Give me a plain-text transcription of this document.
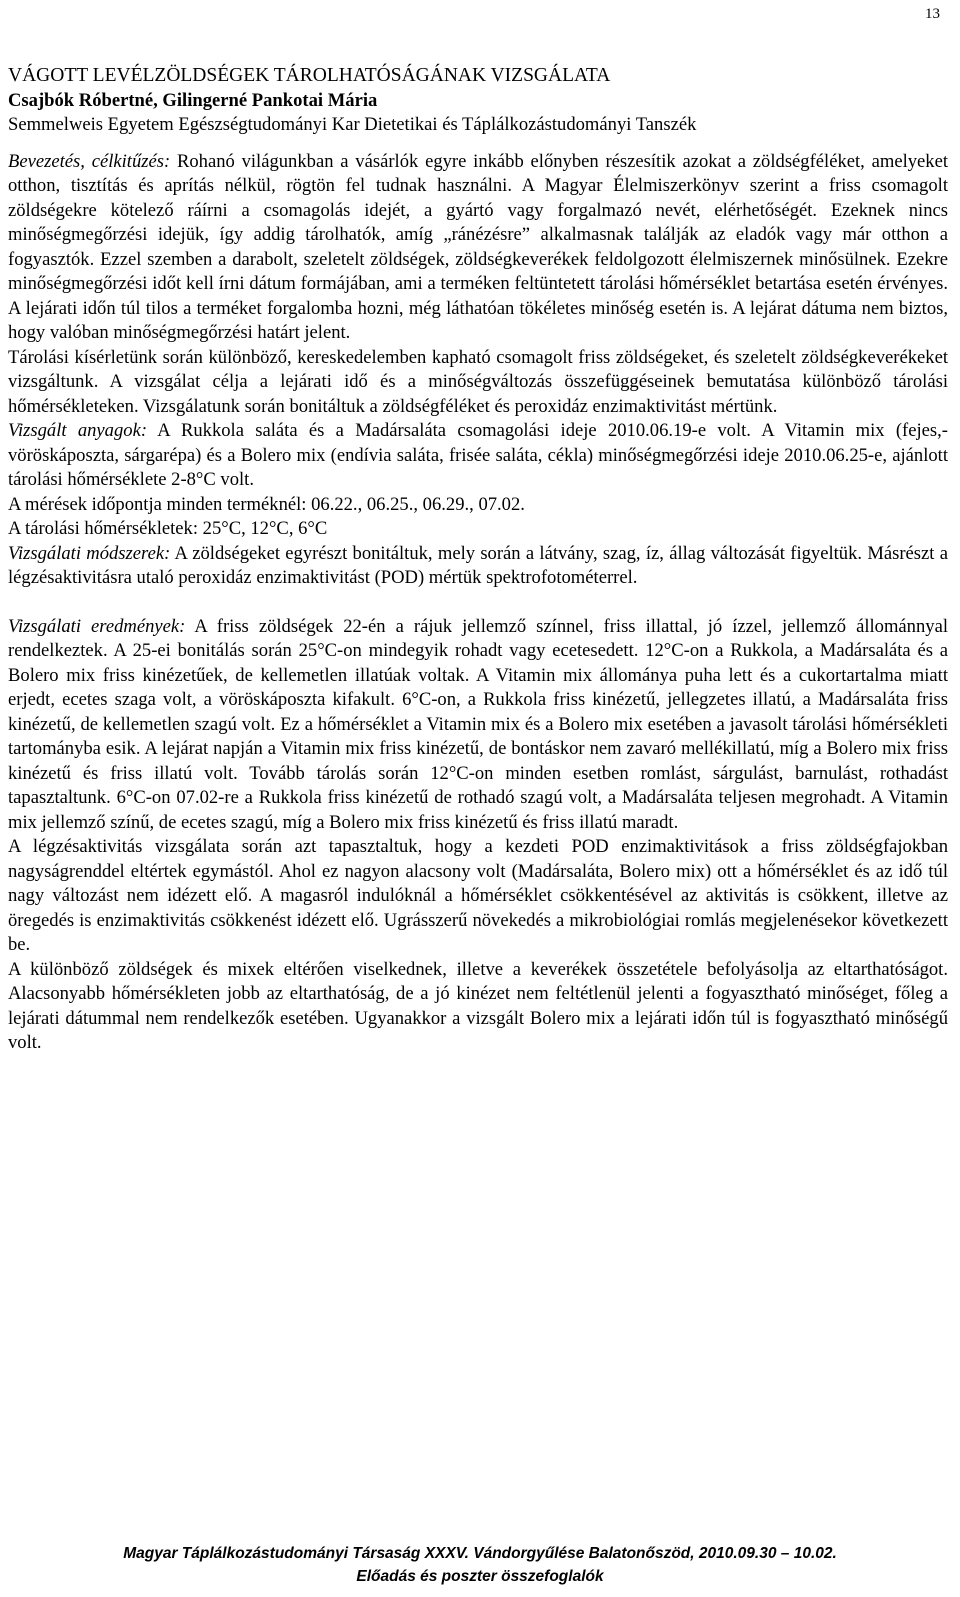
13

VÁGOTT LEVÉLZÖLDSÉGEK TÁROLHATÓSÁGÁNAK VIZSGÁLATA

Csajbók Róbertné, Gilingerné Pankotai Mária

Semmelweis Egyetem Egészségtudományi Kar Dietetikai és Táplálkozástudományi Tanszék

Bevezetés, célkitűzés: Rohanó világunkban a vásárlók egyre inkább előnyben részesítik azokat a zöldségféléket, amelyeket otthon, tisztítás és aprítás nélkül, rögtön fel tudnak használni. A Magyar Élelmiszerkönyv szerint a friss csomagolt zöldségekre kötelező ráírni a csomagolás idejét, a gyártó vagy forgalmazó nevét, elérhetőségét. Ezeknek nincs minőségmegőrzési idejük, így addig tárolhatók, amíg „ránézésre” alkalmasnak találják az eladók vagy már otthon a fogyasztók. Ezzel szemben a darabolt, szeletelt zöldségek, zöldségkeverékek feldolgozott élelmiszernek minősülnek. Ezekre minőségmegőrzési időt kell írni dátum formájában, ami a terméken feltüntetett tárolási hőmérséklet betartása esetén érvényes. A lejárati időn túl tilos a terméket forgalomba hozni, még láthatóan tökéletes minőség esetén is. A lejárat dátuma nem biztos, hogy valóban minőségmegőrzési határt jelent.

Tárolási kísérletünk során különböző, kereskedelemben kapható csomagolt friss zöldségeket, és szeletelt zöldségkeverékeket vizsgáltunk. A vizsgálat célja a lejárati idő és a minőségváltozás összefüggéseinek bemutatása különböző tárolási hőmérsékleteken. Vizsgálatunk során bonitáltuk a zöldségféléket és peroxidáz enzimaktivitást mértünk.

Vizsgált anyagok: A Rukkola saláta és a Madársaláta csomagolási ideje 2010.06.19-e volt. A Vitamin mix (fejes,- vöröskáposzta, sárgarépa) és a Bolero mix (endívia saláta, frisée saláta, cékla) minőségmegőrzési ideje 2010.06.25-e, ajánlott tárolási hőmérséklete 2-8°C volt.

A mérések időpontja minden terméknél: 06.22., 06.25., 06.29., 07.02.

A tárolási hőmérsékletek: 25°C, 12°C, 6°C

Vizsgálati módszerek: A zöldségeket egyrészt bonitáltuk, mely során a látvány, szag, íz, állag változását figyeltük. Másrészt a légzésaktivitásra utaló peroxidáz enzimaktivitást (POD) mértük spektrofotométerrel.

Vizsgálati eredmények: A friss zöldségek 22-én a rájuk jellemző színnel, friss illattal, jó ízzel, jellemző állománnyal rendelkeztek. A 25-ei bonitálás során 25°C-on mindegyik rohadt vagy ecetesedett. 12°C-on a Rukkola, a Madársaláta és a Bolero mix friss kinézetűek, de kellemetlen illatúak voltak. A Vitamin mix állománya puha lett és a cukortartalma miatt erjedt, ecetes szaga volt, a vöröskáposzta kifakult. 6°C-on, a Rukkola friss kinézetű, jellegzetes illatú, a Madársaláta friss kinézetű, de kellemetlen szagú volt. Ez a hőmérséklet a Vitamin mix és a Bolero mix esetében a javasolt tárolási hőmérsékleti tartományba esik. A lejárat napján a Vitamin mix friss kinézetű, de bontáskor nem zavaró mellékillatú, míg a Bolero mix friss kinézetű és friss illatú volt. Tovább tárolás során 12°C-on minden esetben romlást, sárgulást, barnulást, rothadást tapasztaltunk. 6°C-on 07.02-re a Rukkola friss kinézetű de rothadó szagú volt, a Madársaláta teljesen megrohadt. A Vitamin mix jellemző színű, de ecetes szagú, míg a Bolero mix friss kinézetű és friss illatú maradt.

A légzésaktivitás vizsgálata során azt tapasztaltuk, hogy a kezdeti POD enzimaktivitások a friss zöldségfajokban nagyságrenddel eltértek egymástól. Ahol ez nagyon alacsony volt (Madársaláta, Bolero mix) ott a hőmérséklet és az idő túl nagy változást nem idézett elő. A magasról indulóknál a hőmérséklet csökkentésével az aktivitás is csökkent, illetve az öregedés is enzimaktivitás csökkenést idézett elő. Ugrásszerű növekedés a mikrobiológiai romlás megjelenésekor következett be.

A különböző zöldségek és mixek eltérően viselkednek, illetve a keverékek összetétele befolyásolja az eltarthatóságot. Alacsonyabb hőmérsékleten jobb az eltarthatóság, de a jó kinézet nem feltétlenül jelenti a fogyasztható minőséget, főleg a lejárati dátummal nem rendelkezők esetében. Ugyanakkor a vizsgált Bolero mix a lejárati időn túl is fogyasztható minőségű volt.

Magyar Táplálkozástudományi Társaság XXXV. Vándorgyűlése Balatonőszöd, 2010.09.30 – 10.02.
Előadás és poszter összefoglalók
